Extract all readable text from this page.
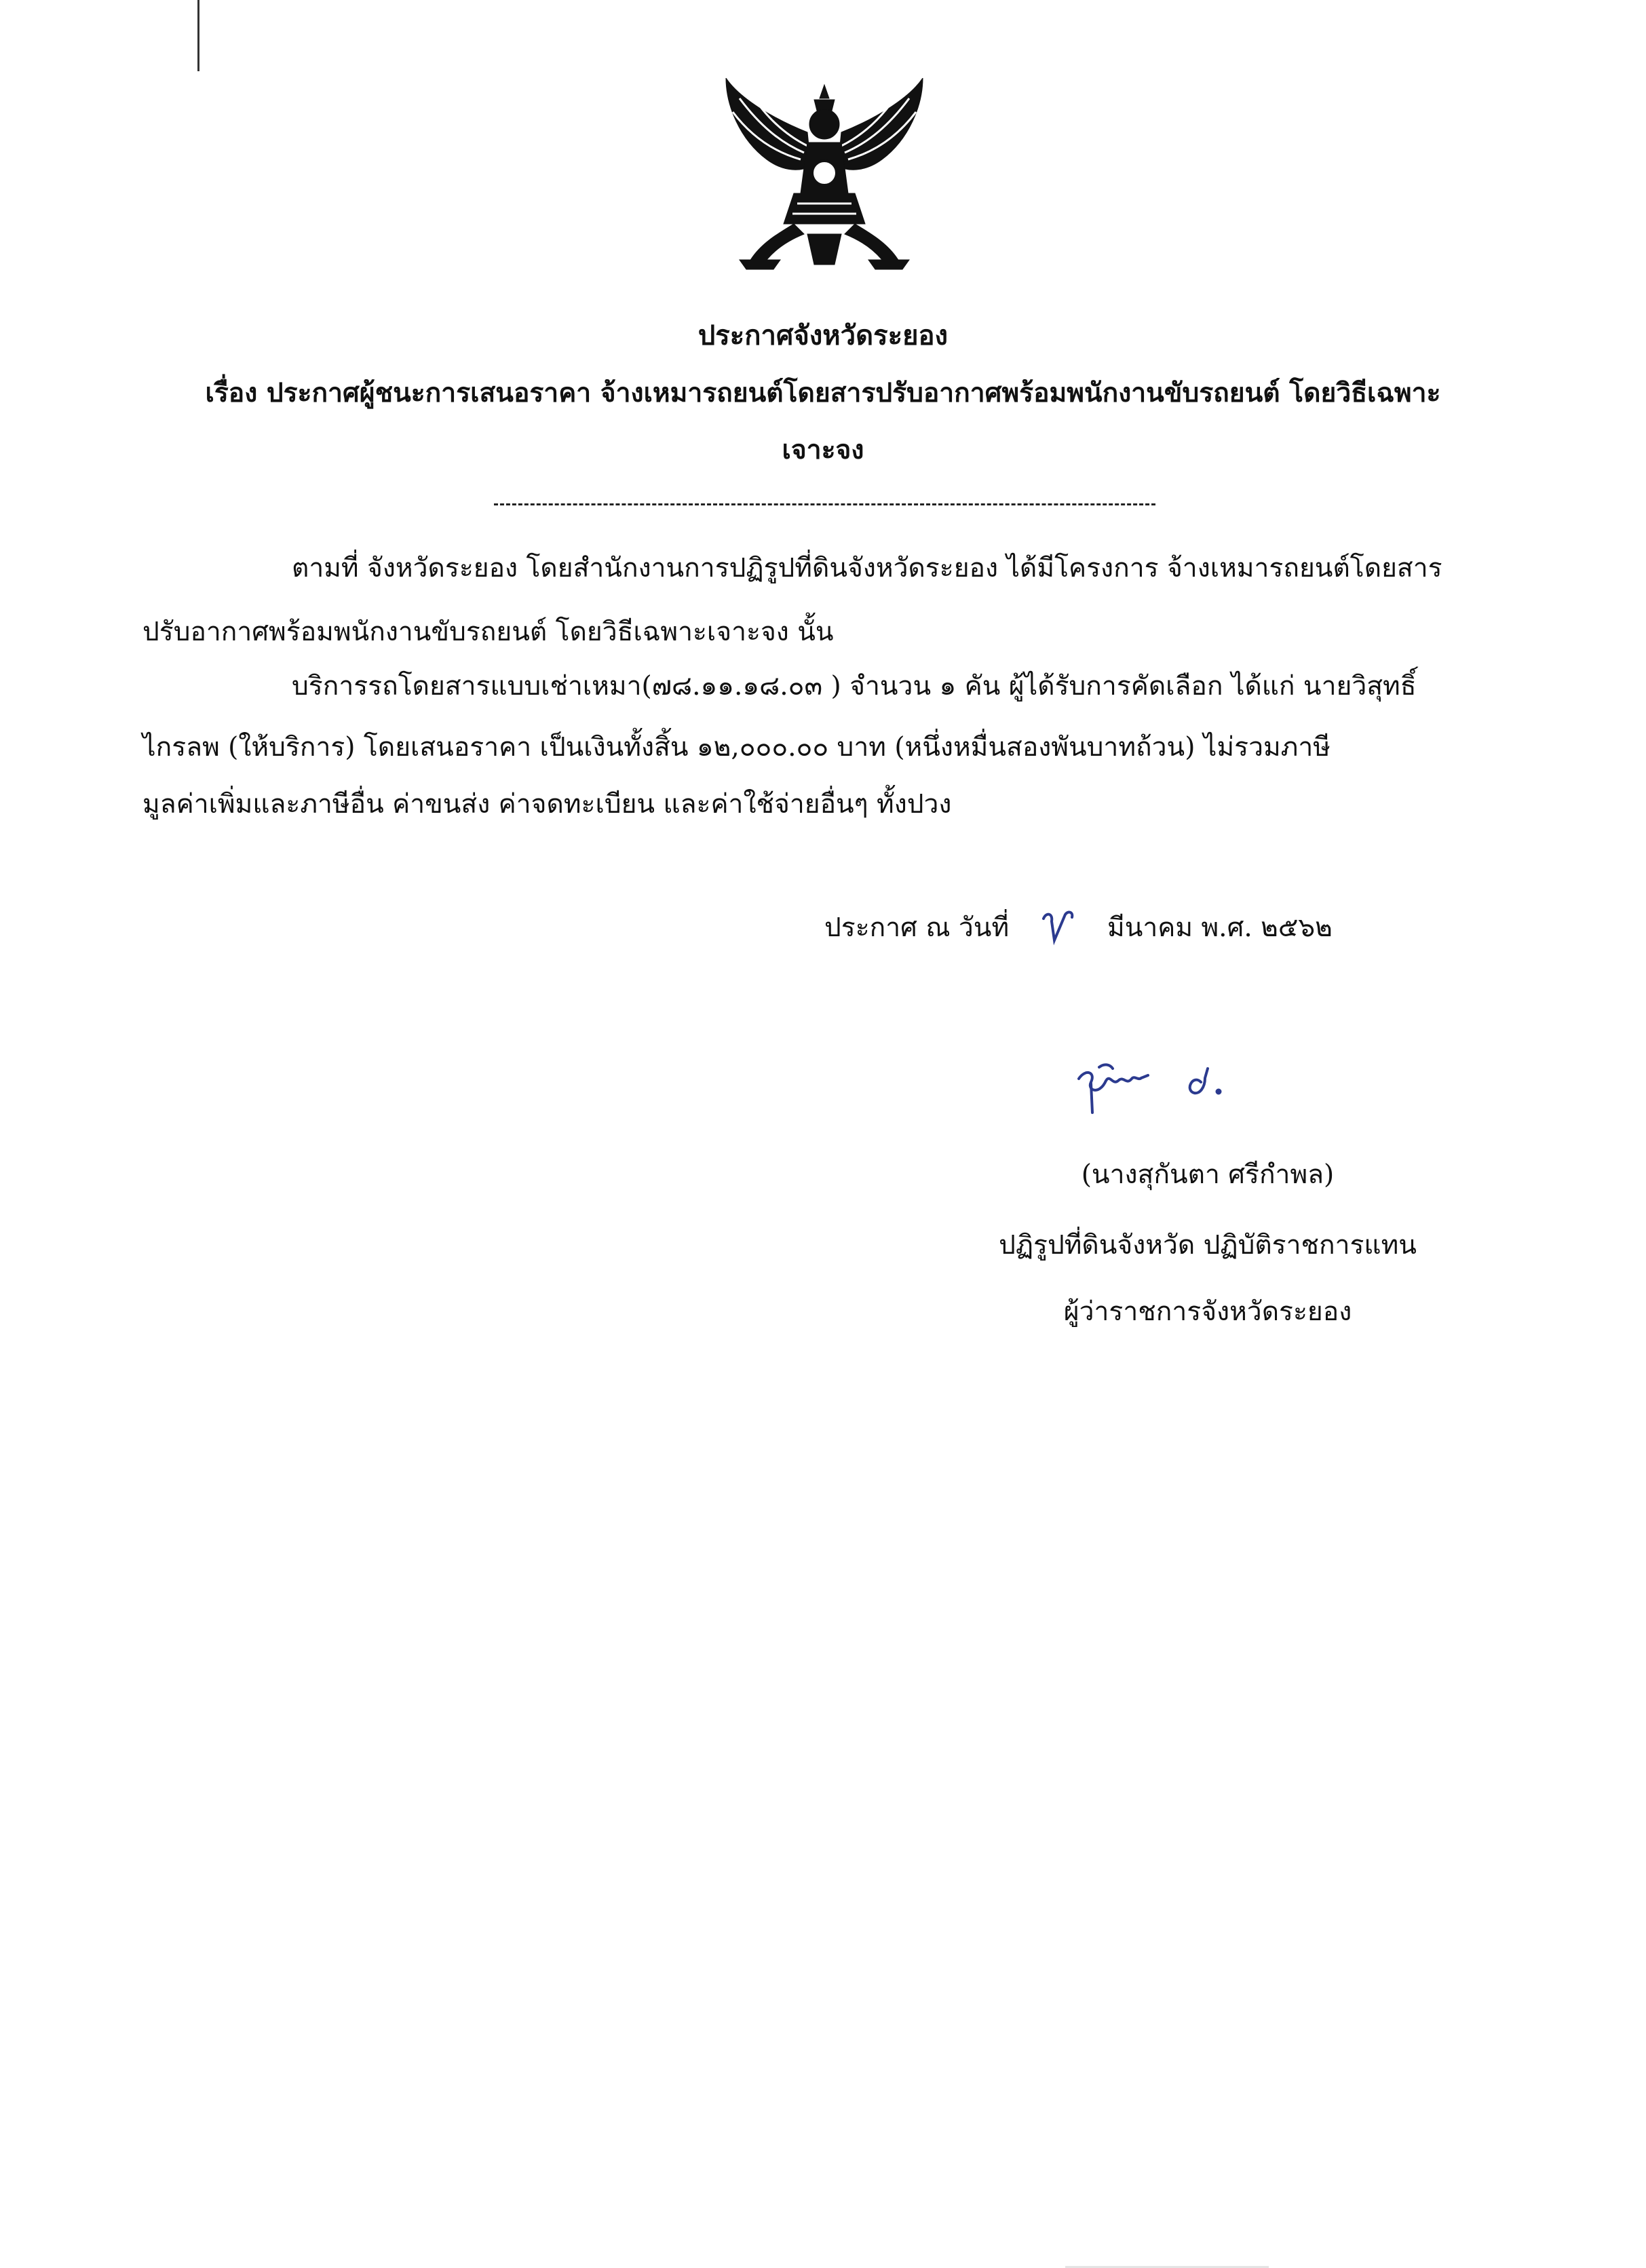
ประกาศจังหวัดระยอง
เรื่อง ประกาศผู้ชนะการเสนอราคา จ้างเหมารถยนต์โดยสารปรับอากาศพร้อมพนักงานขับรถยนต์ โดยวิธีเฉพาะ
เจาะจง
ตามที่ จังหวัดระยอง โดยสำนักงานการปฏิรูปที่ดินจังหวัดระยอง ได้มีโครงการ จ้างเหมารถยนต์โดยสาร
ปรับอากาศพร้อมพนักงานขับรถยนต์ โดยวิธีเฉพาะเจาะจง นั้น
บริการรถโดยสารแบบเช่าเหมา(๗๘.๑๑.๑๘.๐๓ ) จำนวน ๑ คัน ผู้ได้รับการคัดเลือก ได้แก่ นายวิสุทธิ์
ไกรลพ (ให้บริการ) โดยเสนอราคา เป็นเงินทั้งสิ้น ๑๒,๐๐๐.๐๐ บาท (หนึ่งหมื่นสองพันบาทถ้วน) ไม่รวมภาษี
มูลค่าเพิ่มและภาษีอื่น ค่าขนส่ง ค่าจดทะเบียน และค่าใช้จ่ายอื่นๆ ทั้งปวง
ประกาศ ณ วันที่	มีนาคม พ.ศ. ๒๕๖๒
(นางสุกันตา ศรีกำพล)
ปฏิรูปที่ดินจังหวัด ปฏิบัติราชการแทน
ผู้ว่าราชการจังหวัดระยอง
